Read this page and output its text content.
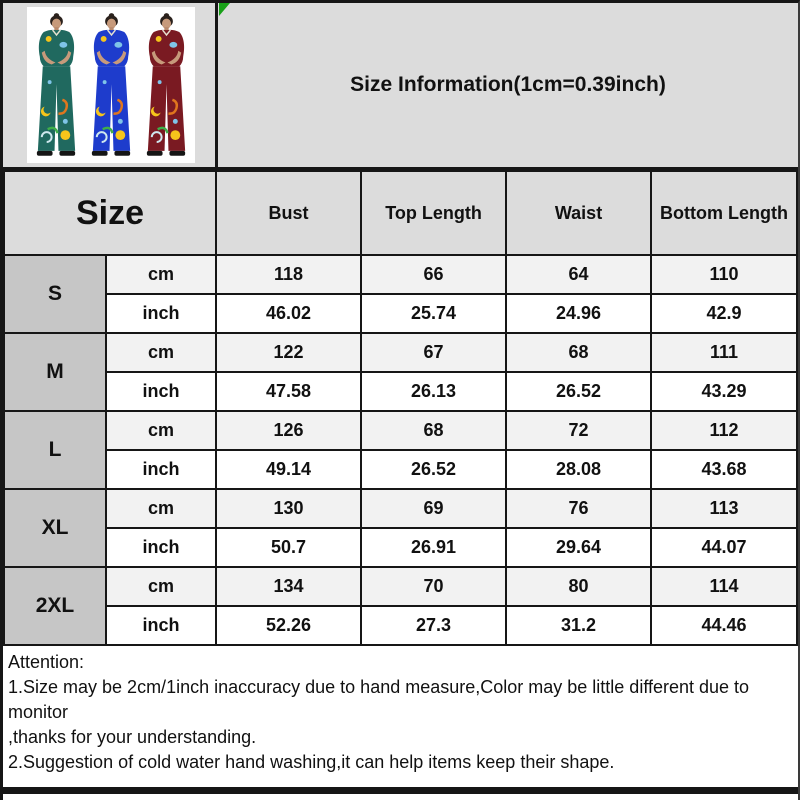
Size Information(1cm=0.39inch)
Size		Bust	Top Length	Waist	Bottom Length
S	cm	118	66	64	110
	inch	46.02	25.74	24.96	42.9
M	cm	122	67	68	111
	inch	47.58	26.13	26.52	43.29
L	cm	126	68	72	112
	inch	49.14	26.52	28.08	43.68
XL	cm	130	69	76	113
	inch	50.7	26.91	29.64	44.07
2XL	cm	134	70	80	114
	inch	52.26	27.3	31.2	44.46
Attention:
1.Size may be 2cm/1inch inaccuracy due to hand measure,Color may be little different due to monitor
,thanks for your understanding.
2.Suggestion of cold water hand washing,it can help items keep their shape.
